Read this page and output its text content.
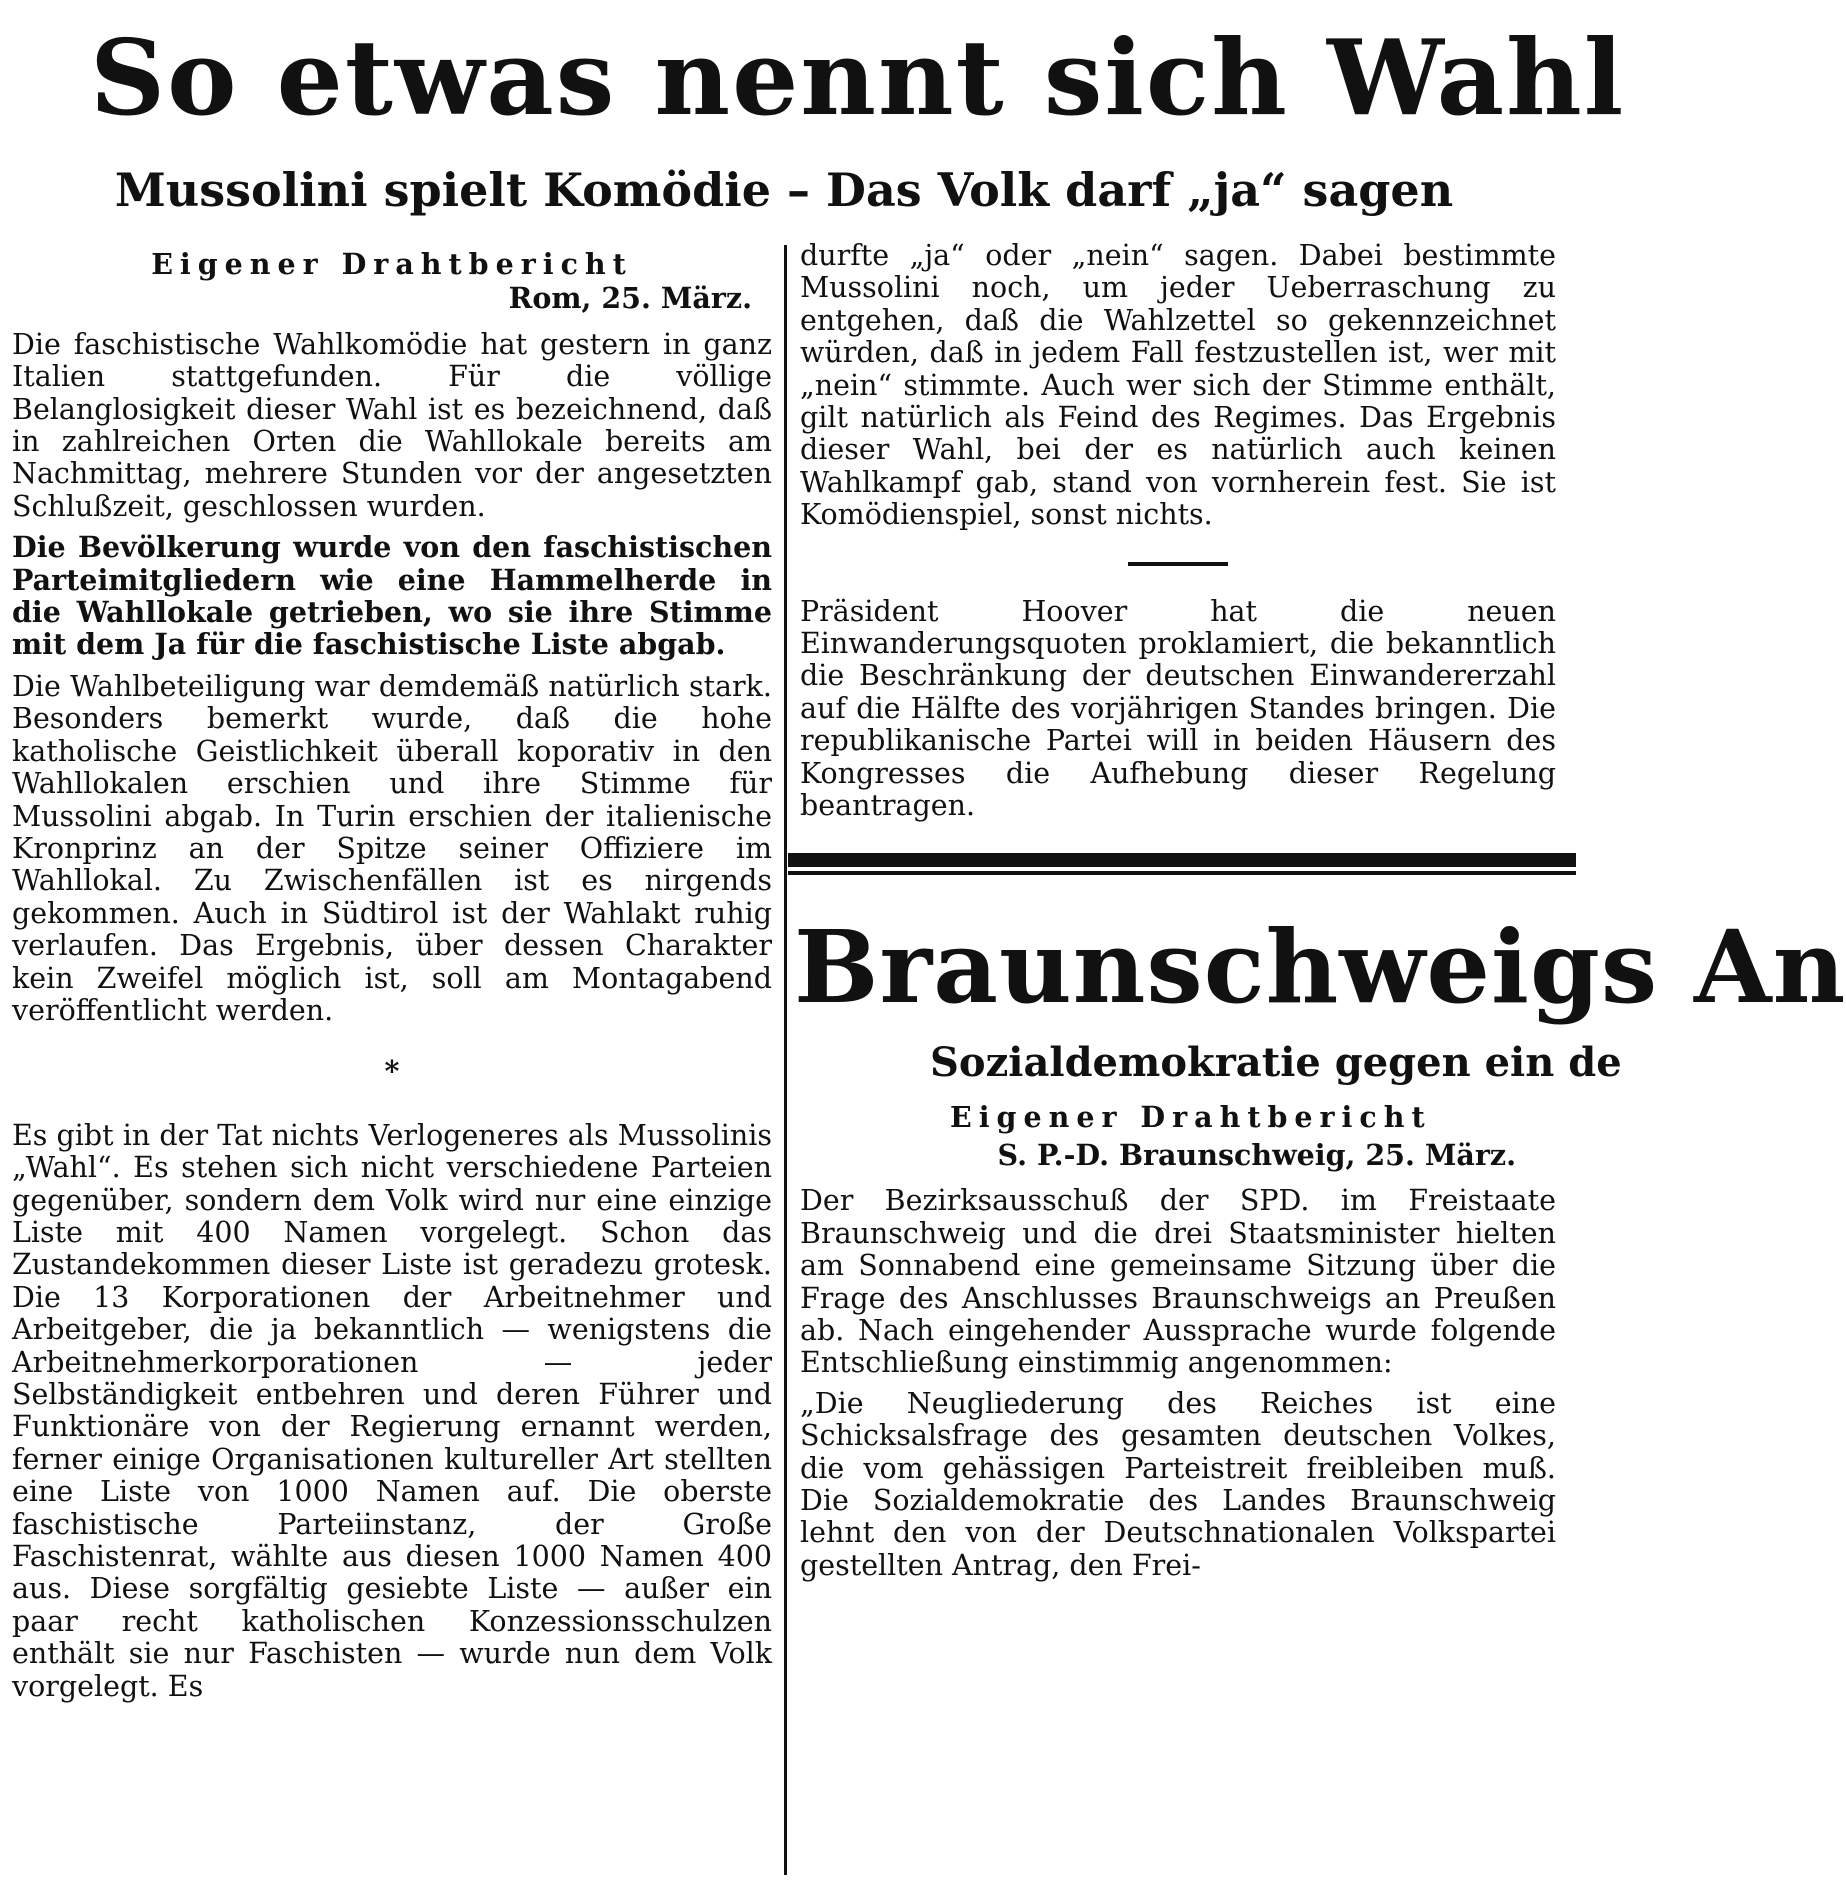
So etwas nennt sich Wahl
Mussolini spielt Komödie – Das Volk darf „ja“ sagen
Eigener Drahtbericht
Rom, 25. März.

Die faschistische Wahlkomödie hat gestern in ganz Italien stattgefunden. Für die völlige Belanglosigkeit dieser Wahl ist es bezeichnend, daß in zahlreichen Orten die Wahllokale bereits am Nachmittag, mehrere Stunden vor der angesetzten Schlußzeit, geschlossen wurden.

Die Bevölkerung wurde von den faschistischen Parteimitgliedern wie eine Hammelherde in die Wahllokale getrieben, wo sie ihre Stimme mit dem Ja für die faschistische Liste abgab.

Die Wahlbeteiligung war demdemäß natürlich stark. Besonders bemerkt wurde, daß die hohe katholische Geistlichkeit überall koporativ in den Wahllokalen erschien und ihre Stimme für Mussolini abgab. In Turin erschien der italienische Kronprinz an der Spitze seiner Offiziere im Wahllokal. Zu Zwischenfällen ist es nirgends gekommen. Auch in Südtirol ist der Wahlakt ruhig verlaufen. Das Ergebnis, über dessen Charakter kein Zweifel möglich ist, soll am Montagabend veröffentlicht werden.

*

Es gibt in der Tat nichts Verlogeneres als Mussolinis „Wahl“. Es stehen sich nicht verschiedene Parteien gegenüber, sondern dem Volk wird nur eine einzige Liste mit 400 Namen vorgelegt. Schon das Zustandekommen dieser Liste ist geradezu grotesk. Die 13 Korporationen der Arbeitnehmer und Arbeitgeber, die ja bekanntlich — wenigstens die Arbeitnehmerkorporationen — jeder Selbständigkeit entbehren und deren Führer und Funktionäre von der Regierung ernannt werden, ferner einige Organisationen kultureller Art stellten eine Liste von 1000 Namen auf. Die oberste faschistische Parteiinstanz, der Große Faschistenrat, wählte aus diesen 1000 Namen 400 aus. Diese sorgfältig gesiebte Liste — außer ein paar recht katholischen Konzessionsschulzen enthält sie nur Faschisten — wurde nun dem Volk vorgelegt. Es

durfte „ja“ oder „nein“ sagen. Dabei bestimmte Mussolini noch, um jeder Ueberraschung zu entgehen, daß die Wahlzettel so gekennzeichnet würden, daß in jedem Fall festzustellen ist, wer mit „nein“ stimmte. Auch wer sich der Stimme enthält, gilt natürlich als Feind des Regimes. Das Ergebnis dieser Wahl, bei der es natürlich auch keinen Wahlkampf gab, stand von vornherein fest. Sie ist Komödienspiel, sonst nichts.

Präsident Hoover hat die neuen Einwanderungsquoten proklamiert, die bekanntlich die Beschränkung der deutschen Einwandererzahl auf die Hälfte des vorjährigen Standes bringen. Die republikanische Partei will in beiden Häusern des Kongresses die Aufhebung dieser Regelung beantragen.

Braunschweigs An
Sozialdemokratie gegen ein de
Eigener Drahtbericht
S. P.-D. Braunschweig, 25. März.

Der Bezirksausschuß der SPD. im Freistaate Braunschweig und die drei Staatsminister hielten am Sonnabend eine gemeinsame Sitzung über die Frage des Anschlusses Braunschweigs an Preußen ab. Nach eingehender Aussprache wurde folgende Entschließung einstimmig angenommen:

„Die Neugliederung des Reiches ist eine Schicksalsfrage des gesamten deutschen Volkes, die vom gehässigen Parteistreit freibleiben muß. Die Sozialdemokratie des Landes Braunschweig lehnt den von der Deutschnationalen Volkspartei gestellten Antrag, den Frei-
